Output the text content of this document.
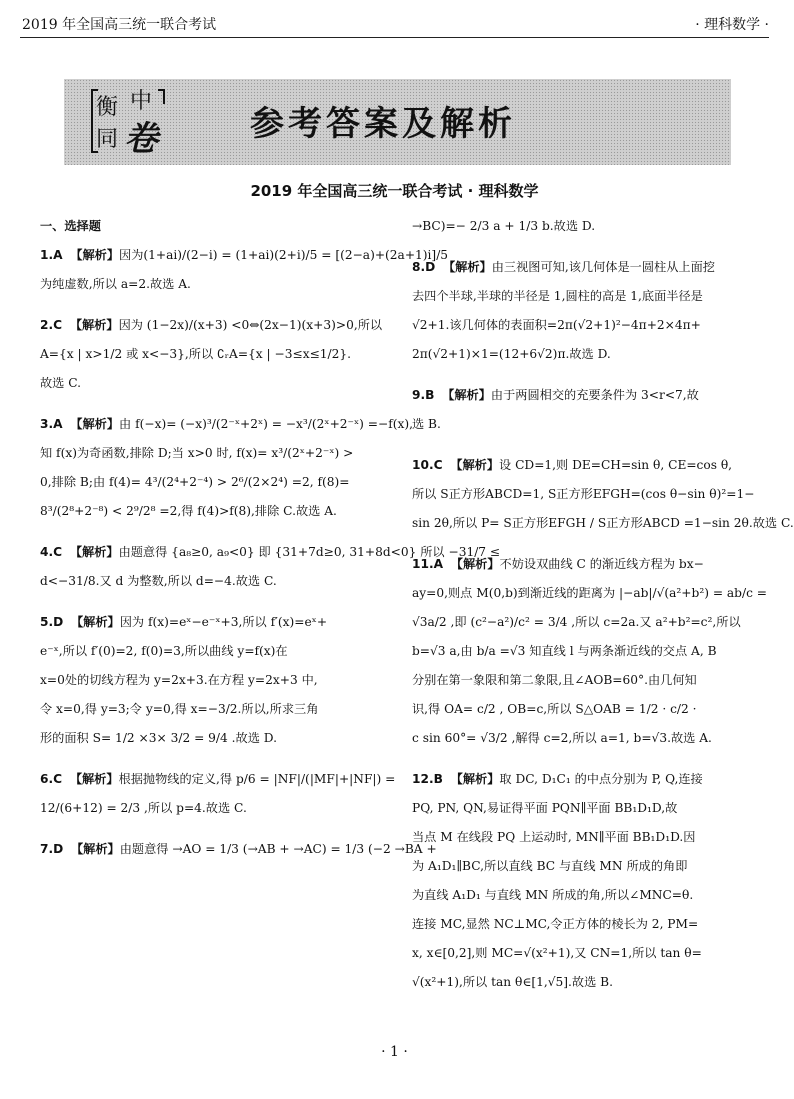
2019 年全国高三统一联合考试	· 理科数学 ·
衡 中
同 卷	参考答案及解析
2019 年全国高三统一联合考试 · 理科数学

一、选择题

1.A 【解析】因为(1+ai)/(2−i) = (1+ai)(2+i)/5 = [(2−a)+(2a+1)i]/5

为纯虚数,所以 a=2.故选 A.

2.C 【解析】因为 (1−2x)/(x+3) <0⇔(2x−1)(x+3)>0,所以

A={x | x>1/2 或 x<−3},所以 ∁ᵣA={x | −3≤x≤1/2}.

故选 C.

3.A 【解析】由 f(−x)= (−x)³/(2⁻ˣ+2ˣ) = −x³/(2ˣ+2⁻ˣ) =−f(x),

知 f(x)为奇函数,排除 D;当 x>0 时, f(x)= x³/(2ˣ+2⁻ˣ) >

0,排除 B;由 f(4)= 4³/(2⁴+2⁻⁴) > 2⁶/(2×2⁴) =2, f(8)=

8³/(2⁸+2⁻⁸) < 2⁹/2⁸ =2,得 f(4)>f(8),排除 C.故选 A.

4.C 【解析】由题意得 {a₈≥0, a₉<0} 即 {31+7d≥0, 31+8d<0} 所以 −31/7 ≤

d<−31/8.又 d 为整数,所以 d=−4.故选 C.

5.D 【解析】因为 f(x)=eˣ−e⁻ˣ+3,所以 f′(x)=eˣ+

e⁻ˣ,所以 f′(0)=2, f(0)=3,所以曲线 y=f(x)在

x=0处的切线方程为 y=2x+3.在方程 y=2x+3 中,

令 x=0,得 y=3;令 y=0,得 x=−3/2.所以,所求三角

形的面积 S= 1/2 ×3× 3/2 = 9/4 .故选 D.

6.C 【解析】根据抛物线的定义,得 p/6 = |NF|/(|MF|+|NF|) =

12/(6+12) = 2/3 ,所以 p=4.故选 C.

7.D 【解析】由题意得 →AO = 1/3 (→AB + →AC) = 1/3 (−2 →BA +

→BC)=− 2/3 a + 1/3 b.故选 D.

8.D 【解析】由三视图可知,该几何体是一圆柱从上面挖

去四个半球,半球的半径是 1,圆柱的高是 1,底面半径是

√2+1.该几何体的表面积=2π(√2+1)²−4π+2×4π+

2π(√2+1)×1=(12+6√2)π.故选 D.

9.B 【解析】由于两圆相交的充要条件为 3<r<7,故

选 B.

10.C 【解析】设 CD=1,则 DE=CH=sin θ, CE=cos θ,

所以 S正方形ABCD=1, S正方形EFGH=(cos θ−sin θ)²=1−

sin 2θ,所以 P= S正方形EFGH / S正方形ABCD =1−sin 2θ.故选 C.

11.A 【解析】不妨设双曲线 C 的渐近线方程为 bx−

ay=0,则点 M(0,b)到渐近线的距离为 |−ab|/√(a²+b²) = ab/c =

√3a/2 ,即 (c²−a²)/c² = 3/4 ,所以 c=2a.又 a²+b²=c²,所以

b=√3 a,由 b/a =√3 知直线 l 与两条渐近线的交点 A, B

分别在第一象限和第二象限,且∠AOB=60°.由几何知

识,得 OA= c/2 , OB=c,所以 S△OAB = 1/2 · c/2 ·

c sin 60°= √3/2 ,解得 c=2,所以 a=1, b=√3.故选 A.

12.B 【解析】取 DC, D₁C₁ 的中点分别为 P, Q,连接

PQ, PN, QN,易证得平面 PQN∥平面 BB₁D₁D,故

当点 M 在线段 PQ 上运动时, MN∥平面 BB₁D₁D.因

为 A₁D₁∥BC,所以直线 BC 与直线 MN 所成的角即

为直线 A₁D₁ 与直线 MN 所成的角,所以∠MNC=θ.

连接 MC,显然 NC⊥MC,令正方体的棱长为 2, PM=

x, x∈[0,2],则 MC=√(x²+1),又 CN=1,所以 tan θ=

√(x²+1),所以 tan θ∈[1,√5].故选 B.

· 1 ·
